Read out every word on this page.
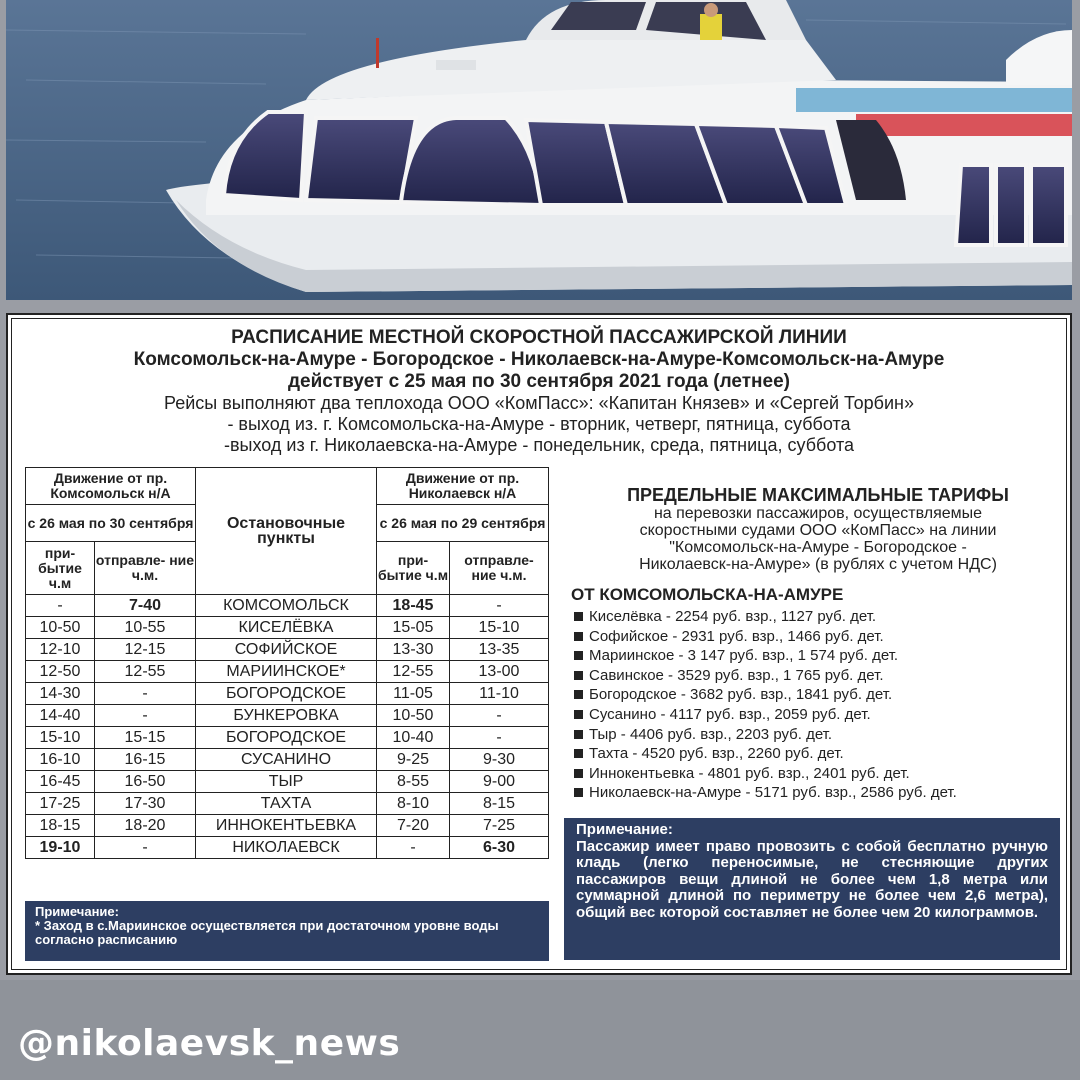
РАСПИСАНИЕ МЕСТНОЙ СКОРОСТНОЙ ПАССАЖИРСКОЙ ЛИНИИ
Комсомольск-на-Амуре - Богородское - Николаевск-на-Амуре-Комсомольск-на-Амуре
действует с 25 мая по 30 сентября 2021 года (летнее)
Рейсы выполняют два теплохода ООО «КомПасс»: «Капитан Князев» и «Сергей Торбин»
- выход из. г. Комсомольска-на-Амуре - вторник, четверг, пятница, суббота
-выход из г. Николаевска-на-Амуре - понедельник, среда, пятница, суббота
Движение от пр. Комсомольск н/А		Остановочные пункты	Движение от пр. Николаевск н/А	
с 26 мая по 30 сентября			с 26 мая по 29 сентября	
при- бытие ч.м	отправле- ние ч.м.		при- бытие ч.м	отправле- ние ч.м.
-	7-40	КОМСОМОЛЬСК	18-45	-
10-50	10-55	КИСЕЛЁВКА	15-05	15-10
12-10	12-15	СОФИЙСКОЕ	13-30	13-35
12-50	12-55	МАРИИНСКОЕ*	12-55	13-00
14-30	-	БОГОРОДСКОЕ	11-05	11-10
14-40	-	БУНКЕРОВКА	10-50	-
15-10	15-15	БОГОРОДСКОЕ	10-40	-
16-10	16-15	СУСАНИНО	9-25	9-30
16-45	16-50	ТЫР	8-55	9-00
17-25	17-30	ТАХТА	8-10	8-15
18-15	18-20	ИННОКЕНТЬЕВКА	7-20	7-25
19-10	-	НИКОЛАЕВСК	-	6-30
Примечание:
* Заход в с.Мариинское осуществляется при достаточном уровне воды согласно расписанию
ПРЕДЕЛЬНЫЕ МАКСИМАЛЬНЫЕ ТАРИФЫ
на перевозки пассажиров, осуществляемые
скоростными судами ООО «КомПасс» на линии
"Комсомольск-на-Амуре - Богородское -
Николаевск-на-Амуре» (в рублях с учетом НДС)
ОТ КОМСОМОЛЬСКА-НА-АМУРЕ
Киселёвка - 2254 руб. взр., 1127 руб. дет.
Софийское - 2931 руб. взр., 1466 руб. дет.
Мариинское - 3 147 руб. взр., 1 574 руб. дет.
Савинское - 3529 руб. взр., 1 765 руб. дет.
Богородское - 3682 руб. взр., 1841 руб. дет.
Сусанино - 4117 руб. взр., 2059 руб. дет.
Тыр - 4406 руб. взр., 2203 руб. дет.
Тахта - 4520 руб. взр., 2260 руб. дет.
Иннокентьевка - 4801 руб. взр., 2401 руб. дет.
Николаевск-на-Амуре - 5171 руб. взр., 2586 руб. дет.
Примечание:
Пассажир имеет право провозить с собой бесплатно ручную кладь (легко переносимые, не стесняющие других пассажиров вещи длиной не более чем 1,8 метра или суммарной длиной по периметру не более чем 2,6 метра), общий вес которой составляет не более чем 20 килограммов.
@nikolaevsk_news
